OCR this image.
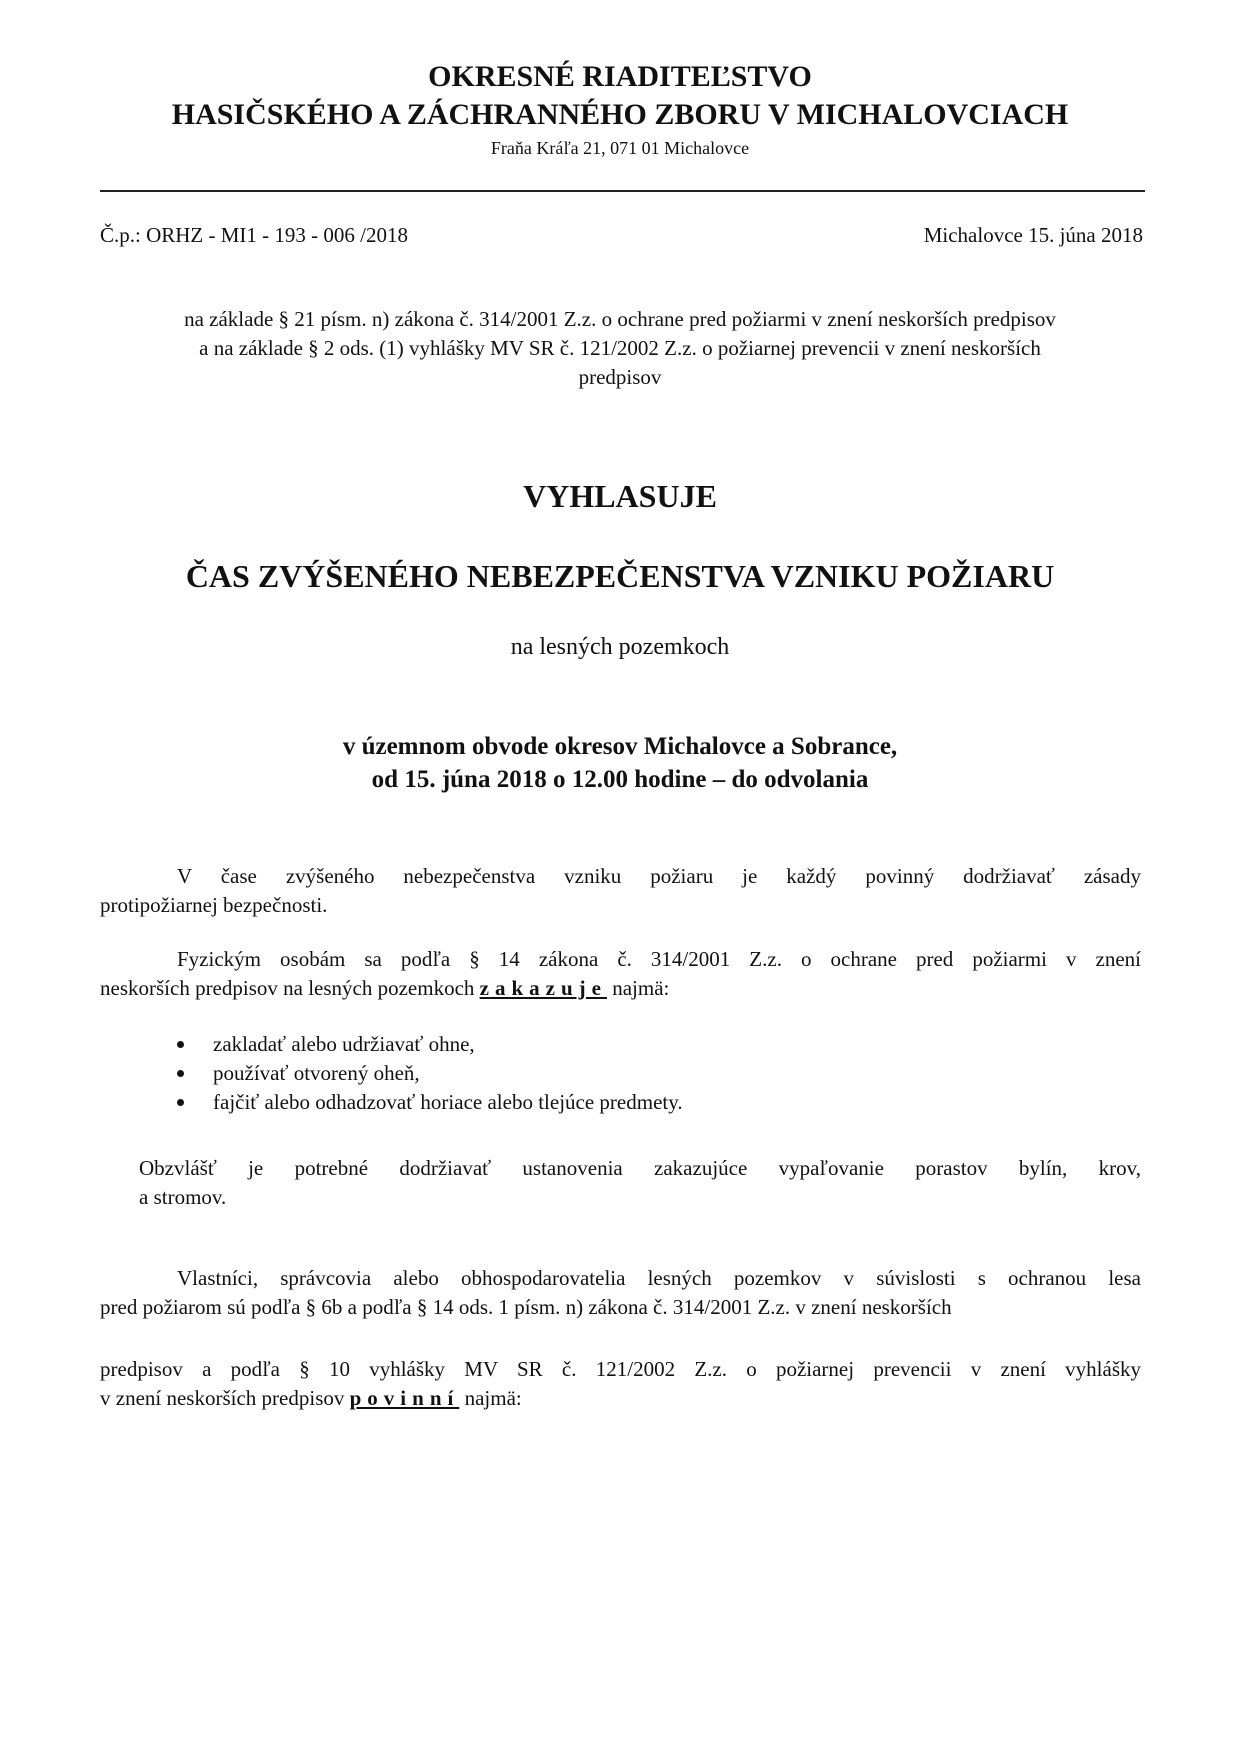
OKRESNÉ RIADITEĽSTVO
HASIČSKÉHO A ZÁCHRANNÉHO ZBORU V MICHALOVCIACH
Fraňa Kráľa 21, 071 01 Michalovce
Č.p.: ORHZ - MI1 - 193 - 006 /2018	Michalovce 15. júna 2018
na základe § 21 písm. n) zákona č. 314/2001 Z.z. o ochrane pred požiarmi v znení neskorších predpisov
a na základe § 2 ods. (1) vyhlášky MV SR č. 121/2002 Z.z. o požiarnej prevencii v znení neskorších
predpisov
VYHLASUJE
ČAS ZVÝŠENÉHO NEBEZPEČENSTVA VZNIKU POŽIARU
na lesných pozemkoch
v územnom obvode okresov Michalovce a Sobrance,
od 15. júna 2018 o 12.00 hodine – do odvolania
V čase zvýšeného nebezpečenstva vzniku požiaru je každý povinný dodržiavať zásady
protipožiarnej bezpečnosti.
Fyzickým osobám sa podľa § 14 zákona č. 314/2001 Z.z. o ochrane pred požiarmi v znení
neskorších predpisov na lesných pozemkoch zakazuje najmä:
zakladať alebo udržiavať ohne,
používať otvorený oheň,
fajčiť alebo odhadzovať horiace alebo tlejúce predmety.
Obzvlášť je potrebné dodržiavať ustanovenia zakazujúce vypaľovanie porastov bylín, krov,
a stromov.
Vlastníci, správcovia alebo obhospodarovatelia lesných pozemkov v súvislosti s ochranou lesa
pred požiarom sú podľa § 6b a podľa § 14 ods. 1 písm. n) zákona č. 314/2001 Z.z. v znení neskorších
predpisov a podľa § 10 vyhlášky MV SR č. 121/2002 Z.z. o požiarnej prevencii v znení vyhlášky
v znení neskorších predpisov povinní najmä:
